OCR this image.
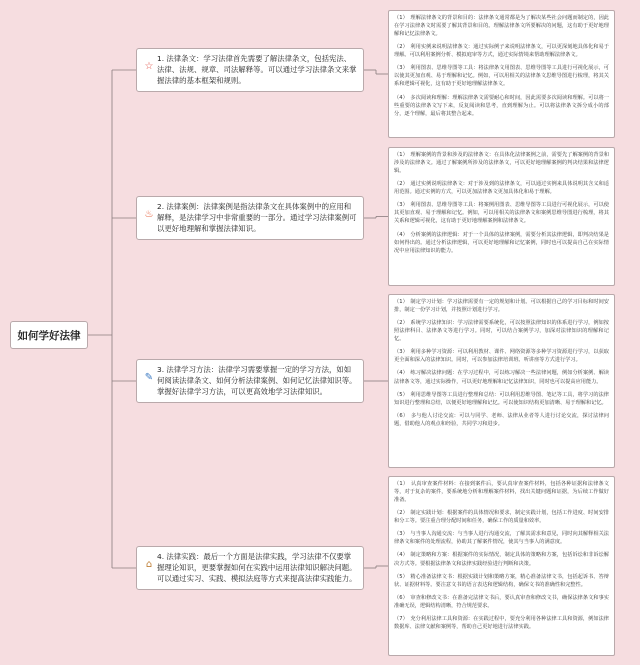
如何学好法律
☆
1. 法律条文：学习法律首先需要了解法律条文，包括宪法、法律、法规、规章、司法解释等。可以通过学习法律条文来掌握法律的基本框架和规则。
♨
2. 法律案例：法律案例是指法律条文在具体案例中的应用和解释，是法律学习中非常重要的一部分。通过学习法律案例可以更好地理解和掌握法律知识。
✎
3. 法律学习方法：法律学习需要掌握一定的学习方法，如如何阅读法律条文、如何分析法律案例、如何记忆法律知识等。掌握好法律学习方法，可以更高效地学习法律知识。
⌂
4. 法律实践：最后一个方面是法律实践，学习法律不仅要掌握理论知识，更要掌握如何在实践中运用法律知识解决问题。可以通过实习、实践、模拟法庭等方式来提高法律实践能力。
（1）　理解法律条文的背景和目的：法律条文通常都是为了解决某些社会问题而制定的，因此在学习法律条文时需要了解其背景和目的。理解法律条文所要解决的问题，这有助于更好地理解和记忆法律条文。
（2）　利用实例来说明法律条文：通过实际例子来说明法律条文，可以更深刻地具体化和易于理解。可以利用案例分析、模拟庭审等方式，通过实际情境来帮助理解法律条文。
（3）　利用图表、思维导图等工具：将法律条文用图表、思维导图等工具进行可视化展示，可以使其更加直观、易于理解和记忆。例如，可以用相关的法律条文思维导图进行梳理，将其关系和逻辑可视化，这有助于更好地理解法律条文。
（4）　多次阅读和理解：理解法律条文需要耐心和时间，因此需要多次阅读和理解。可以将一些重要的法律条文写下来，反复阅读和思考，直到理解为止。可以将法律条文拆分成小的部分，逐个理解，最后将其整合起来。
（1）　理解案例的背景和涉及的法律条文：在具体化法律案例之前，需要先了解案例的背景和涉及的法律条文。通过了解案例所涉及的法律条文，可以更好地理解案例的判决结果和法律逻辑。
（2）　通过实例说明法律条文：对于涉及到的法律条文，可以通过实例来具体说明其含义和适用范围。通过实例的方式，可以更加法律条文更加具体化和易于理解。
（3）　利用图表、思维导图等工具：将案例用图表、思维导图等工具进行可视化展示，可以使其更加直观、易于理解和记忆。例如，可以用相关的法律条文和案例思维导图进行梳理，将其关系和逻辑可视化，这有助于更好地理解案例和法律条文。
（4）　分析案例的法律逻辑：对于一个具体的法律案例，需要分析其法律逻辑，即判决结果是如何得出的。通过分析法律逻辑，可以更好地理解和记忆案例，同时也可以提高自己在实际情况中应用法律知识的能力。
（1）　制定学习计划：学习法律需要有一定的规划和计划。可以根据自己的学习目标和时间安排，制定一份学习计划，并按照计划进行学习。
（2）　系统学习法律知识：学习法律需要系统化，可以按照法律知识的体系进行学习，例如按照法律科目、法律条文等进行学习。同时，可以结合案例学习，加深对法律知识的理解和记忆。
（3）　利用多种学习资源：可以利用教材、课件、网络资源等多种学习资源进行学习，以获取更全面和深入的法律知识。同时，可以参加法律培训班、听讲座等方式进行学习。
（4）　练习解决法律问题：在学习过程中，可以练习解决一些法律问题，例如分析案例、解读法律条文等，通过实际操作，可以更好地理解和记忆法律知识，同时也可以提高应用能力。
（5）　利用思维导图等工具进行整理和总结：可以利用思维导图、笔记等工具，将学习的法律知识进行整理和总结，以便更好地理解和记忆。可以使知识结构更加清晰、易于理解和记忆。
（6）　多与他人讨论交流：可以与同学、老师、法律从业者等人进行讨论交流，探讨法律问题，借助他人的观点和经验，共同学习和进步。
（1）　认真审查案件材料：在接到案件后，要认真审查案件材料，包括各种证据和法律条文等，对于复杂的案件，要系统地分析和理解案件材料，找出关键问题和证据，为后续工作做好准备。
（2）　制定实践计划：根据案件的具体情况和要求，制定实践计划，包括工作进度、时间安排和分工等。要注重合理分配时间和任务，确保工作的质量和效率。
（3）　与当事人沟通交流：与当事人进行沟通交流，了解其需求和意见，同时向其解释相关法律条文和案件的处理流程，协助其了解案件情况，使其与当事人的满意度。
（4）　制定策略和方案：根据案件的实际情况，制定具体的策略和方案，包括诉讼和非诉讼解决方式等。要根据法律条文和法律实践经验进行判断和决策。
（5）　精心准备法律文书：根据实践计划和策略方案，精心准备法律文书，包括起诉书、答辩状、证据材料等。要注意文书的语言表达和逻辑结构，确保文书的准确性和完整性。
（6）　审查和修改文书：在准备完法律文书后，要认真审查和修改文书，确保法律条文和事实准确无误，逻辑结构清晰，符合规范要求。
（7）　充分利用法律工具和资源：在实践过程中，要充分利用各种法律工具和资源，例如法律数据库、法律文献和案例等，帮助自己更好地进行法律实践。
